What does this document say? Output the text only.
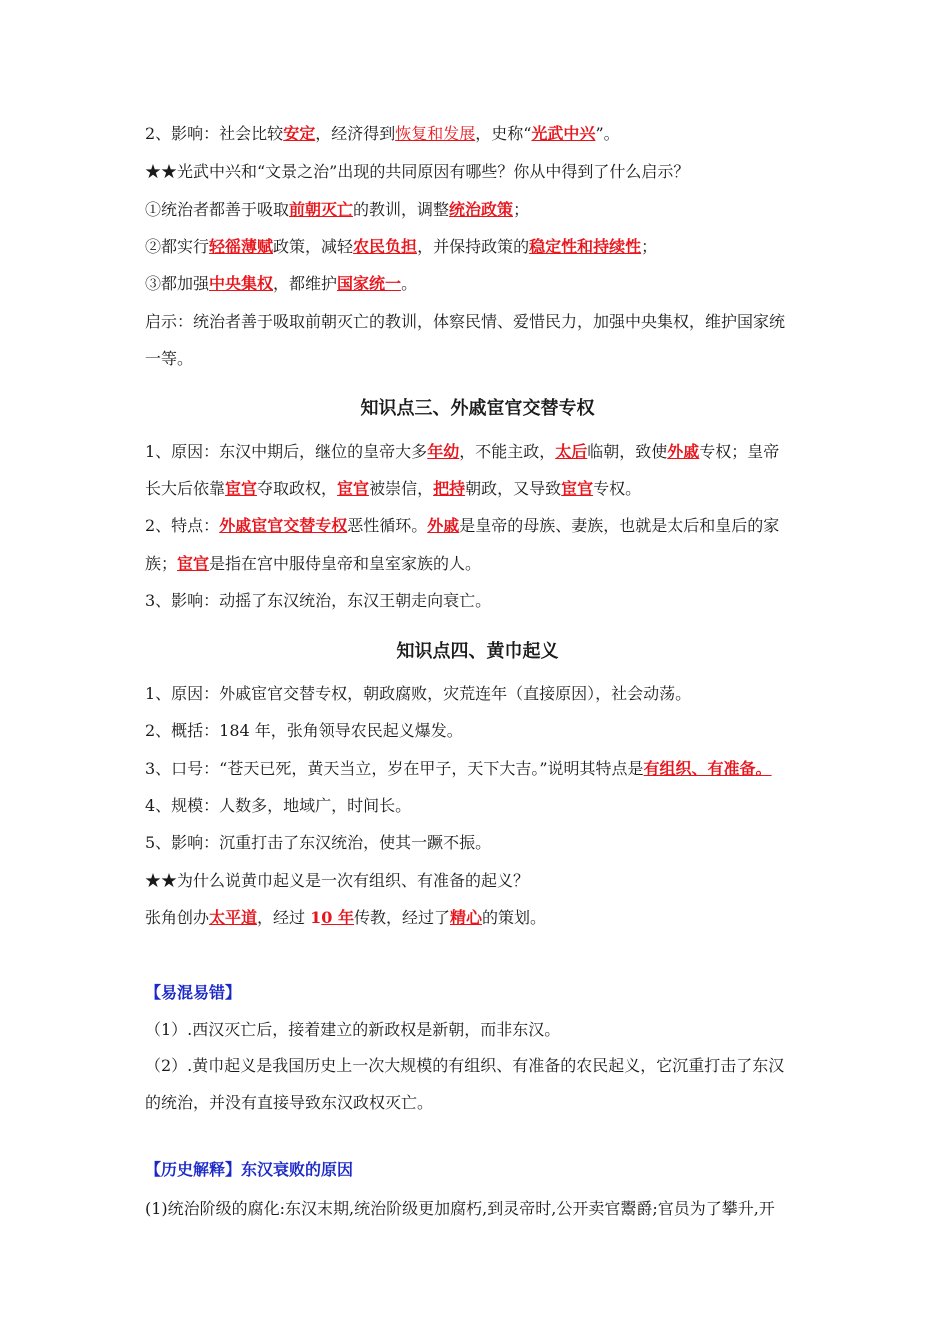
2、影响：社会比较安定，经济得到恢复和发展，史称“光武中兴”。
★★光武中兴和“文景之治”出现的共同原因有哪些？你从中得到了什么启示？
①统治者都善于吸取前朝灭亡的教训，调整统治政策；
②都实行轻徭薄赋政策，减轻农民负担，并保持政策的稳定性和持续性；
③都加强中央集权，都维护国家统一。
启示：统治者善于吸取前朝灭亡的教训，体察民情、爱惜民力，加强中央集权，维护国家统
一等。
知识点三、外戚宦官交替专权
1、原因：东汉中期后，继位的皇帝大多年幼，不能主政，太后临朝，致使外戚专权；皇帝
长大后依靠宦官夺取政权，宦官被崇信，把持朝政，又导致宦官专权。
2、特点：外戚宦官交替专权恶性循环。外戚是皇帝的母族、妻族，也就是太后和皇后的家
族；宦官是指在宫中服侍皇帝和皇室家族的人。
3、影响：动摇了东汉统治，东汉王朝走向衰亡。
知识点四、黄巾起义
1、原因：外戚宦官交替专权，朝政腐败，灾荒连年（直接原因），社会动荡。
2、概括：184 年，张角领导农民起义爆发。
3、口号：“苍天已死，黄天当立，岁在甲子，天下大吉。”说明其特点是有组织、有准备。
4、规模：人数多，地域广，时间长。
5、影响：沉重打击了东汉统治，使其一蹶不振。
★★为什么说黄巾起义是一次有组织、有准备的起义？
张角创办太平道，经过 10 年传教，经过了精心的策划。
【易混易错】
（1）.西汉灭亡后，接着建立的新政权是新朝，而非东汉。
（2）.黄巾起义是我国历史上一次大规模的有组织、有准备的农民起义，它沉重打击了东汉
的统治，并没有直接导致东汉政权灭亡。
【历史解释】东汉衰败的原因
(1)统治阶级的腐化:东汉末期,统治阶级更加腐朽,到灵帝时,公开卖官鬻爵;官员为了攀升,开
